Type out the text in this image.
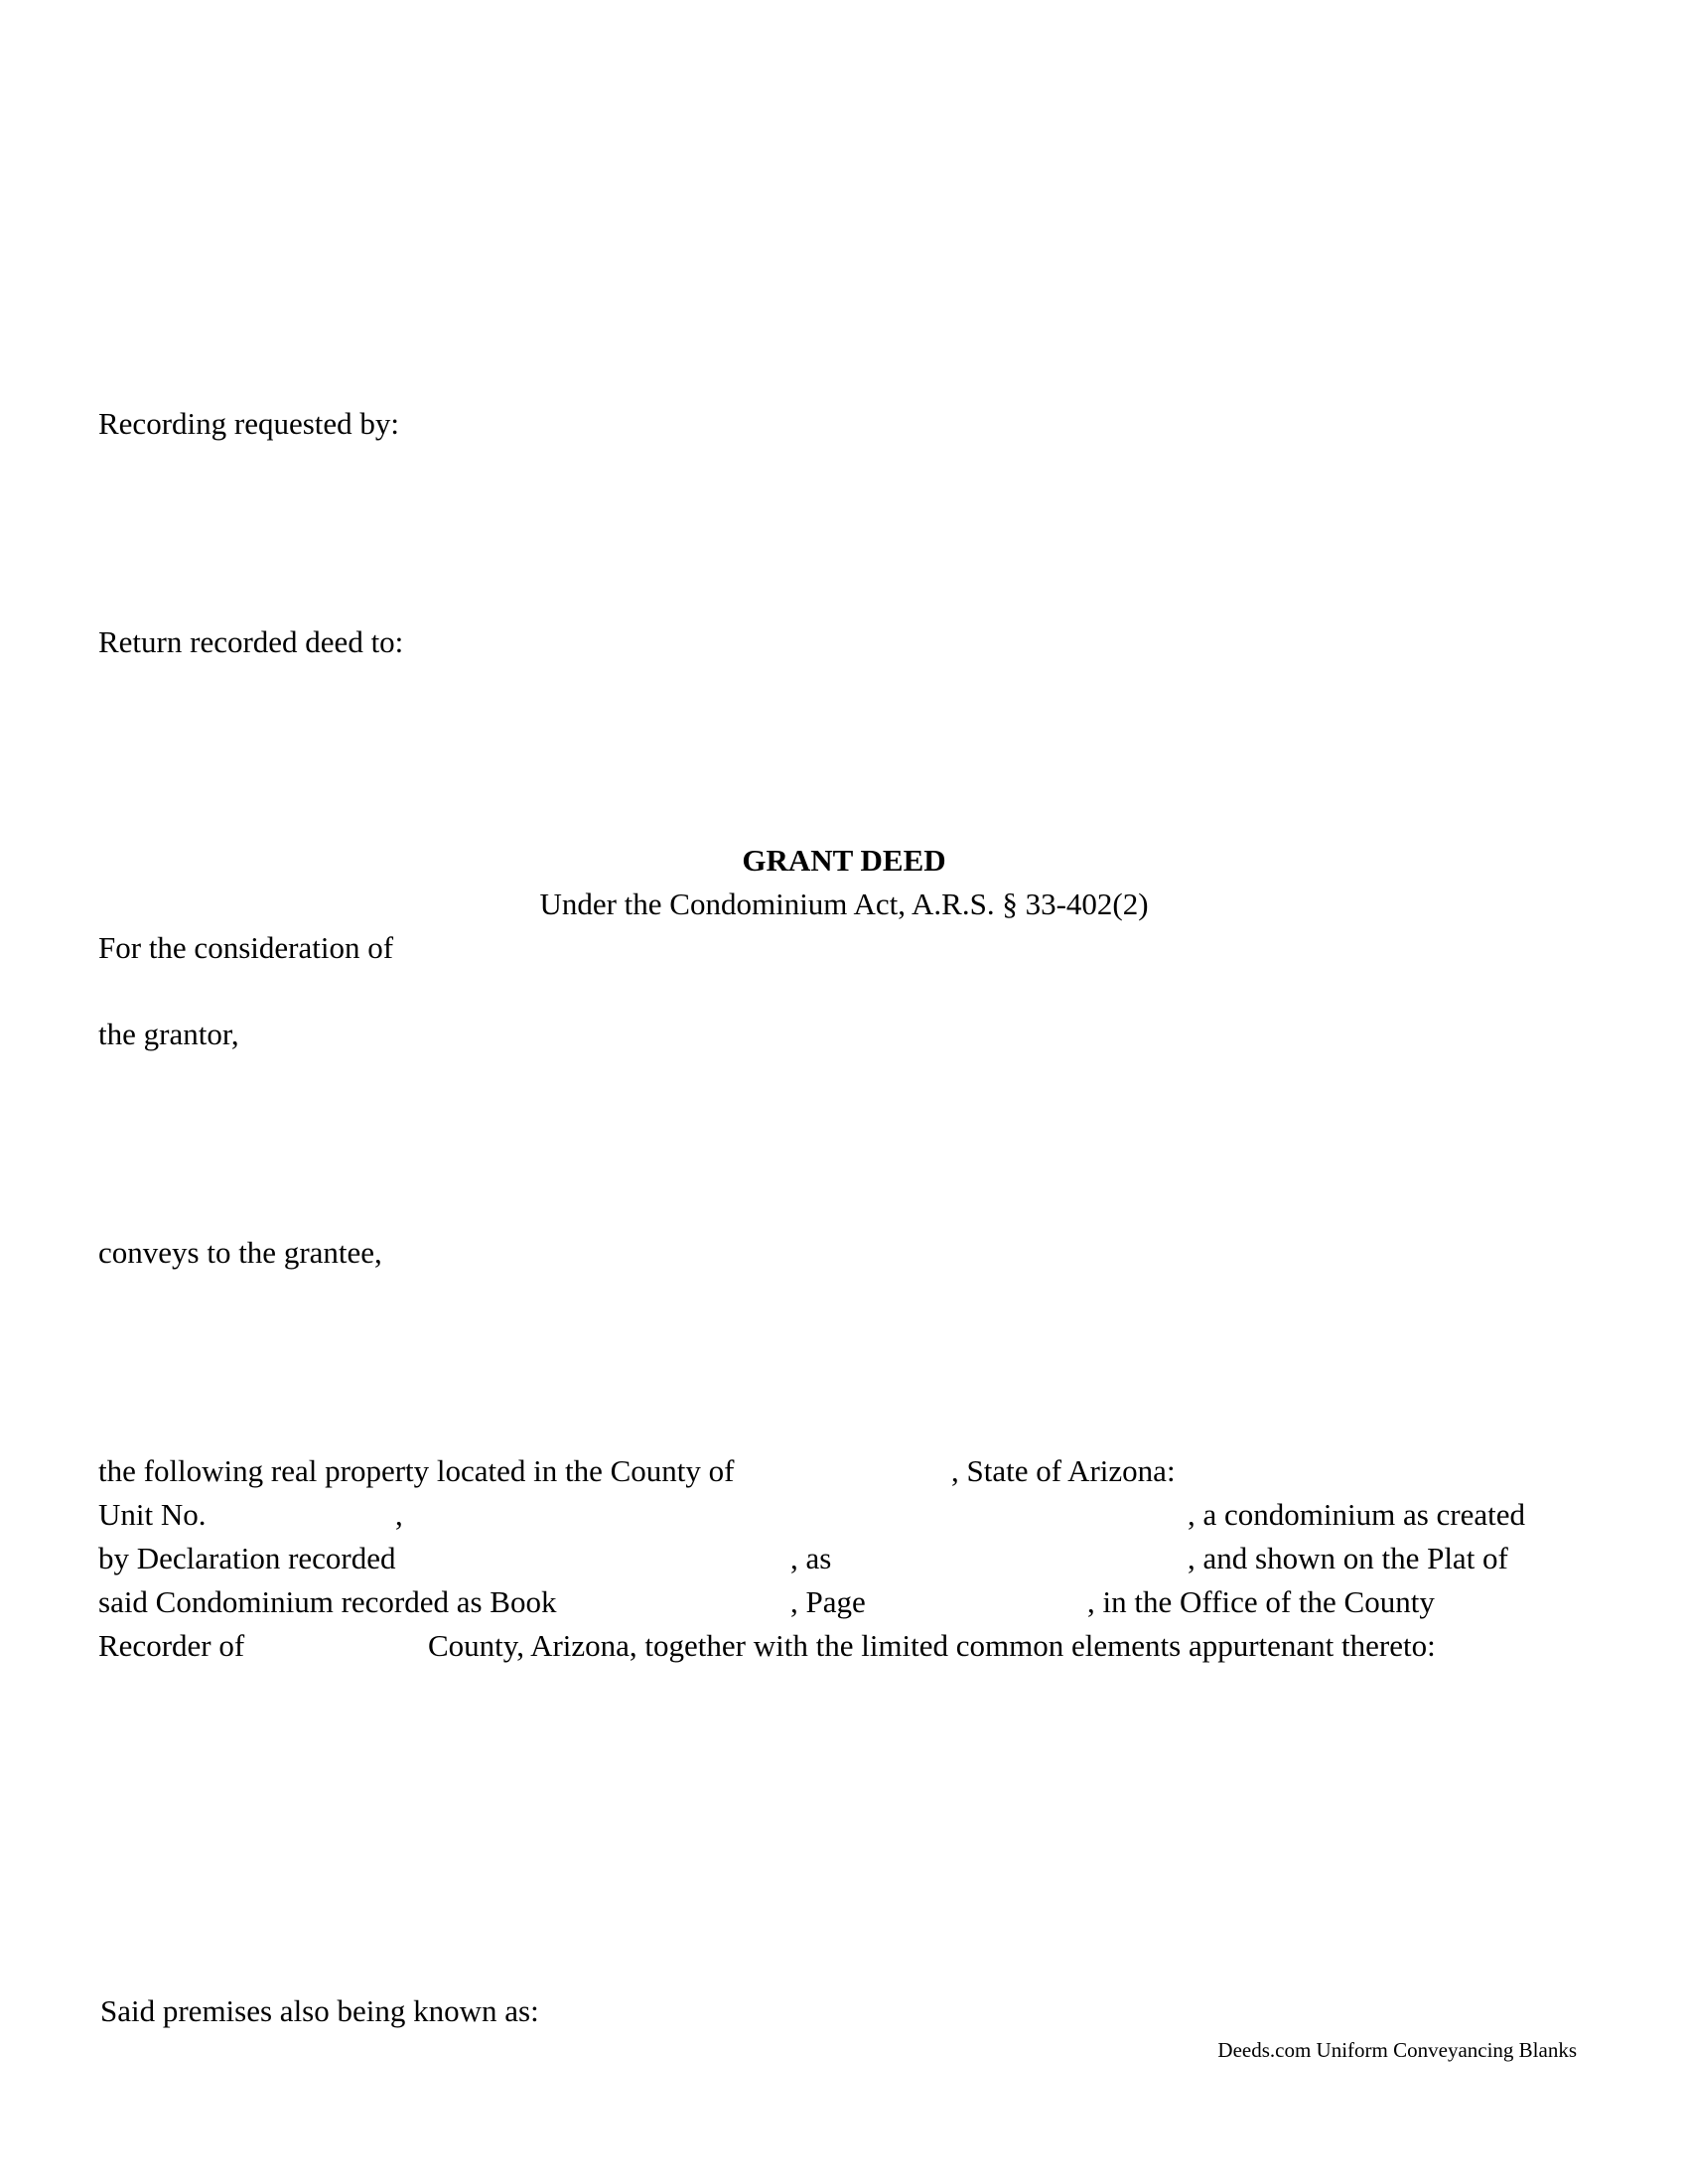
Recording requested by:
Return recorded deed to:
GRANT DEED
Under the Condominium Act, A.R.S. § 33-402(2)
For the consideration of
the grantor,
conveys to the grantee,
the following real property located in the County of	, State of Arizona:
Unit No.	,	, a condominium as created
by Declaration recorded	, as	, and shown on the Plat of
said Condominium recorded as Book	, Page	, in the Office of the County
Recorder of	County, Arizona, together with the limited common elements appurtenant thereto:
Said premises also being known as:
Deeds.com Uniform Conveyancing Blanks
